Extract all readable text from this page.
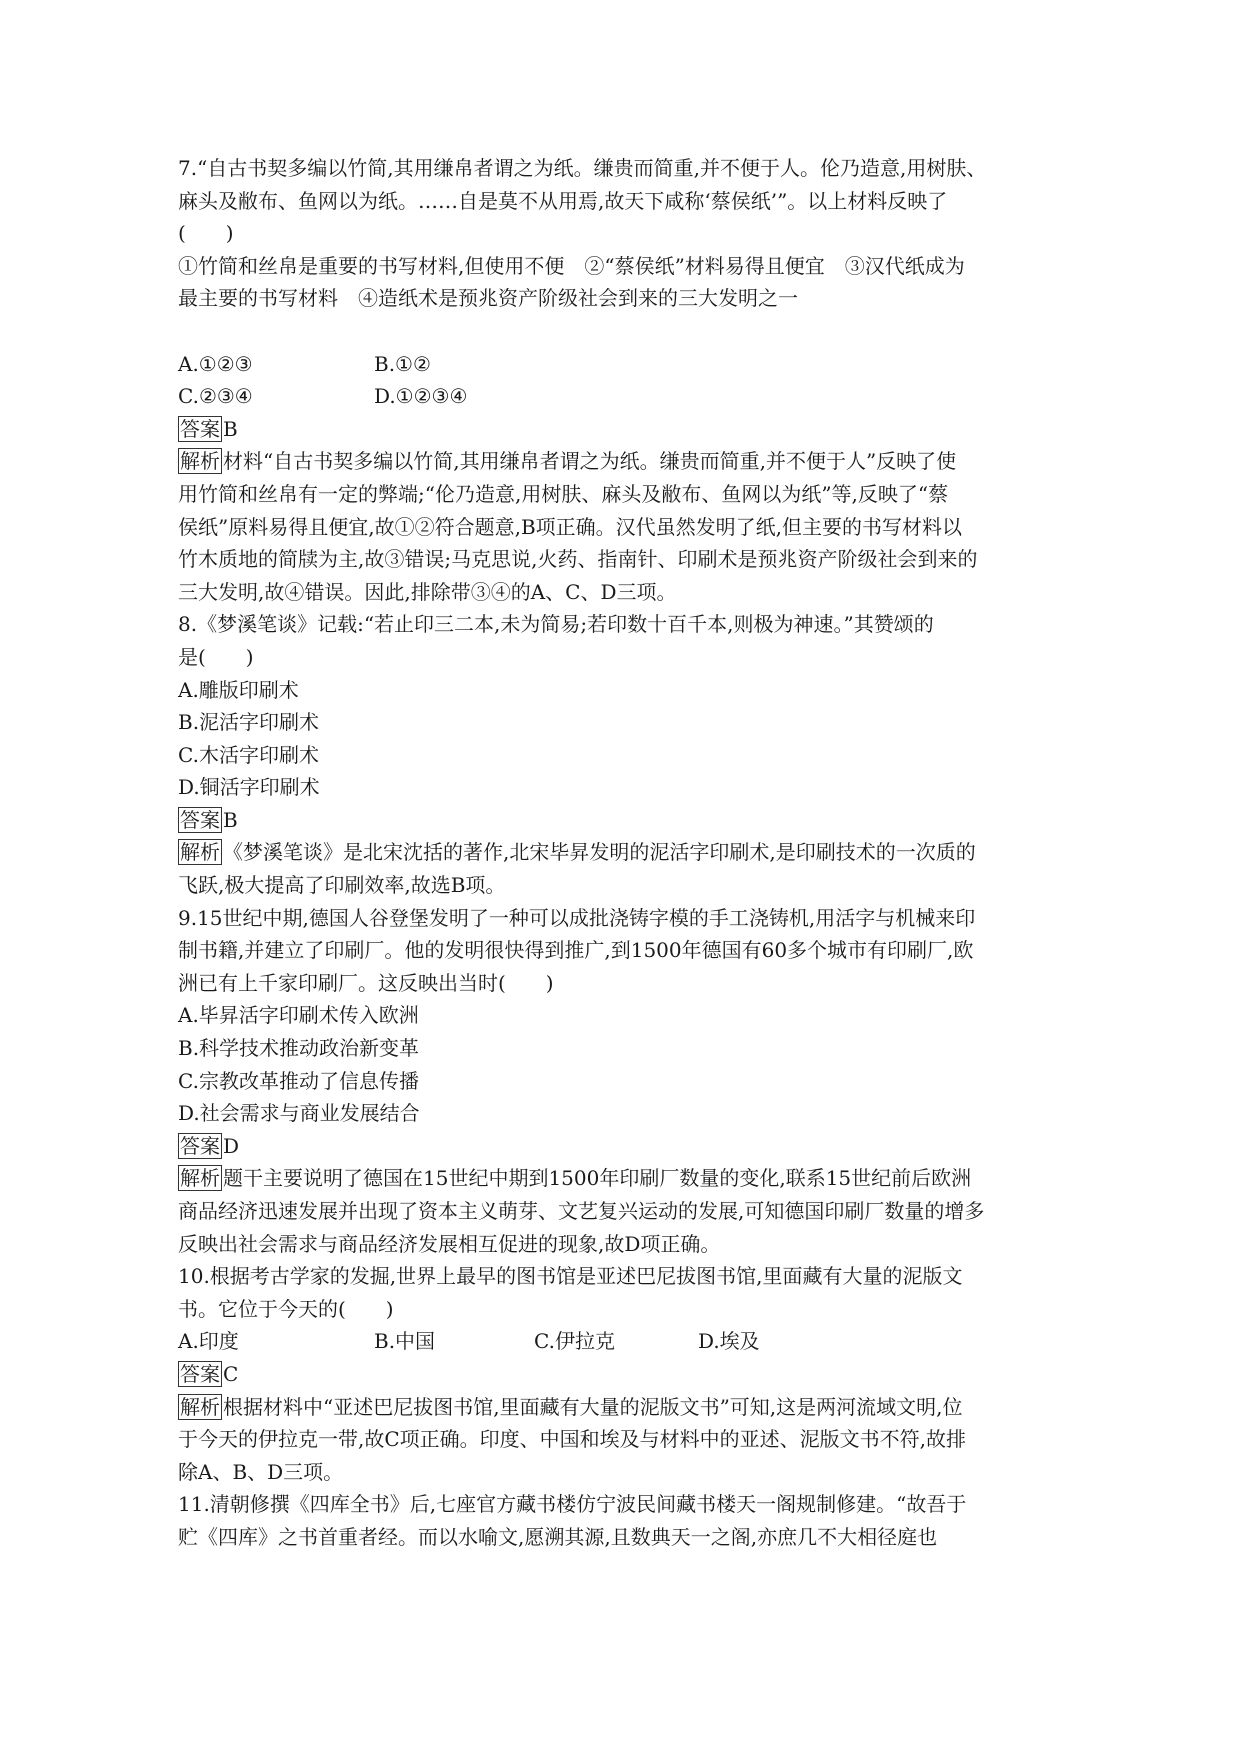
7.“自古书契多编以竹简,其用缣帛者谓之为纸。缣贵而简重,并不便于人。伦乃造意,用树肤、
麻头及敝布、鱼网以为纸。……自是莫不从用焉,故天下咸称‘蔡侯纸’”。以上材料反映了
(　　)
①竹简和丝帛是重要的书写材料,但使用不便　②“蔡侯纸”材料易得且便宜　③汉代纸成为
最主要的书写材料　④造纸术是预兆资产阶级社会到来的三大发明之一
A.①②③	B.①②
C.②③④	D.①②③④
答案 B
解析 材料“自古书契多编以竹简,其用缣帛者谓之为纸。缣贵而简重,并不便于人”反映了使
用竹简和丝帛有一定的弊端;“伦乃造意,用树肤、麻头及敝布、鱼网以为纸”等,反映了“蔡
侯纸”原料易得且便宜,故①②符合题意,B项正确。汉代虽然发明了纸,但主要的书写材料以
竹木质地的简牍为主,故③错误;马克思说,火药、指南针、印刷术是预兆资产阶级社会到来的
三大发明,故④错误。因此,排除带③④的A、C、D三项。
8.《梦溪笔谈》记载:“若止印三二本,未为简易;若印数十百千本,则极为神速。”其赞颂的
是(　　)
A.雕版印刷术
B.泥活字印刷术
C.木活字印刷术
D.铜活字印刷术
答案 B
解析 《梦溪笔谈》是北宋沈括的著作,北宋毕昇发明的泥活字印刷术,是印刷技术的一次质的
飞跃,极大提高了印刷效率,故选B项。
9.15世纪中期,德国人谷登堡发明了一种可以成批浇铸字模的手工浇铸机,用活字与机械来印
制书籍,并建立了印刷厂。他的发明很快得到推广,到1500年德国有60多个城市有印刷厂,欧
洲已有上千家印刷厂。这反映出当时(　　)
A.毕昇活字印刷术传入欧洲
B.科学技术推动政治新变革
C.宗教改革推动了信息传播
D.社会需求与商业发展结合
答案 D
解析 题干主要说明了德国在15世纪中期到1500年印刷厂数量的变化,联系15世纪前后欧洲
商品经济迅速发展并出现了资本主义萌芽、文艺复兴运动的发展,可知德国印刷厂数量的增多
反映出社会需求与商品经济发展相互促进的现象,故D项正确。
10.根据考古学家的发掘,世界上最早的图书馆是亚述巴尼拔图书馆,里面藏有大量的泥版文
书。它位于今天的(　　)
A.印度	B.中国	C.伊拉克	D.埃及
答案 C
解析 根据材料中“亚述巴尼拔图书馆,里面藏有大量的泥版文书”可知,这是两河流域文明,位
于今天的伊拉克一带,故C项正确。印度、中国和埃及与材料中的亚述、泥版文书不符,故排
除A、B、D三项。
11.清朝修撰《四库全书》后,七座官方藏书楼仿宁波民间藏书楼天一阁规制修建。“故吾于
贮《四库》之书首重者经。而以水喻文,愿溯其源,且数典天一之阁,亦庶几不大相径庭也
